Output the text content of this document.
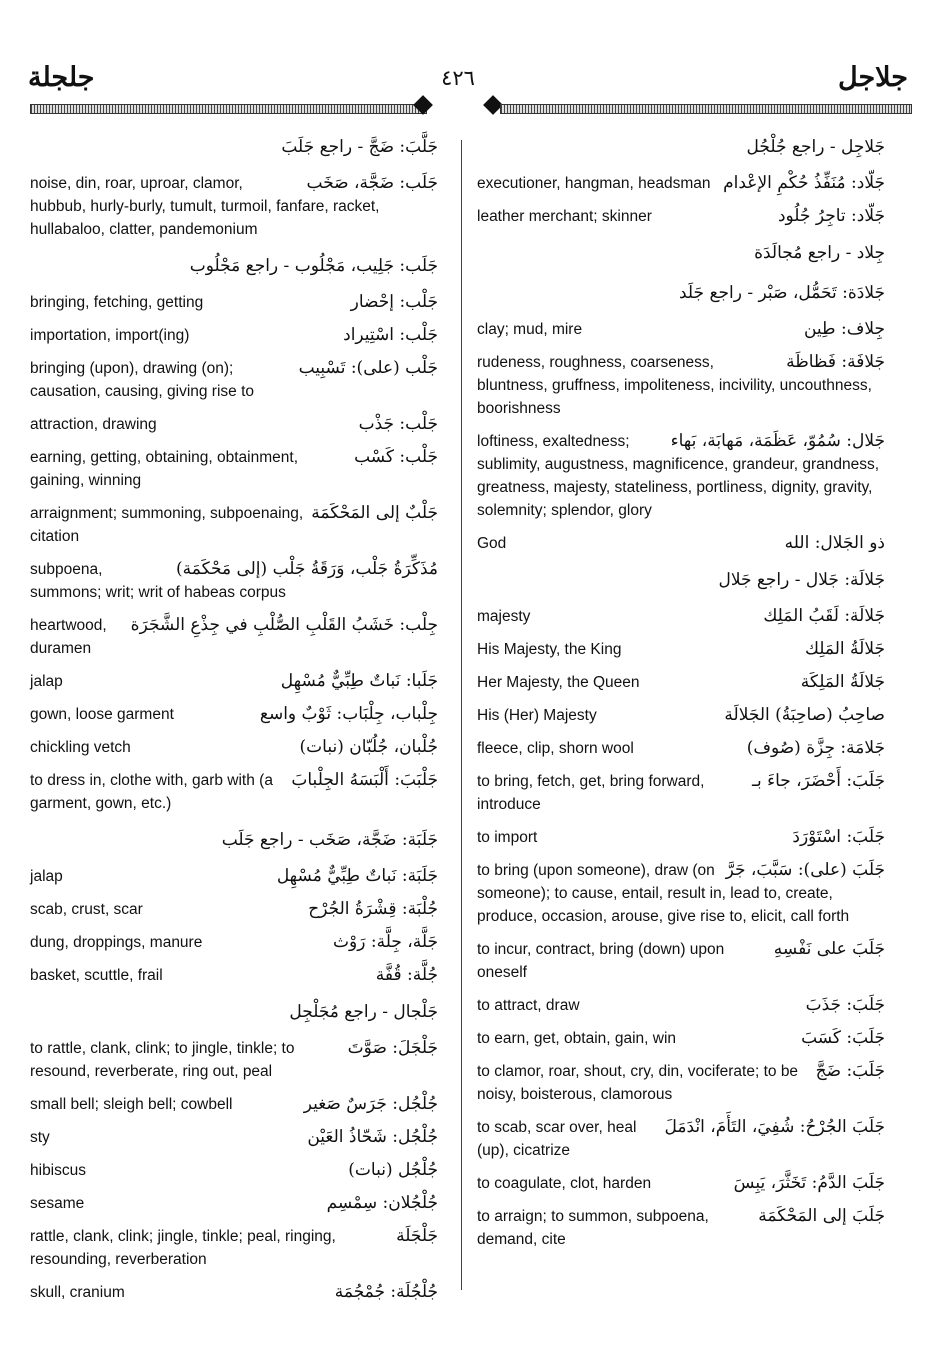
جلجلة	٤٢٦	جلاجل
جَلَّبَ: ضَجَّ - راجع جَلَبَ
جَلَب: ضَجَّة، صَخَب
noise, din, roar, uproar, clamor, hubbub, hurly-burly, tumult, turmoil, fanfare, racket, hullabaloo, clatter, pandemonium
جَلَب: جَلِيب، مَجْلُوب - راجع مَجْلُوب
جَلْب: إحْضار
bringing, fetching, getting
جَلْب: اسْتِيراد
importation, import(ing)
جَلْب (على): تَسْبِيب
bringing (upon), drawing (on); causation, causing, giving rise to
جَلْب: جَذْب
attraction, drawing
جَلْب: كَسْب
earning, getting, obtaining, obtainment, gaining, winning
جَلْبٌ إلى المَحْكَمَة
arraignment; summoning, subpoenaing, citation
مُذَكِّرَةُ جَلْب، وَرَقَةُ جَلْب (إلى مَحْكَمَة)
subpoena, summons; writ; writ of habeas corpus
جِلْب: خَشَبُ القَلْبِ الصُّلْبِ في جِذْعِ الشَّجَرَة
heartwood, duramen
جَلَبا: نَباتٌ طِبِّيٌّ مُسْهِل
jalap
جِلْباب، جِلْبَاب: ثَوْبٌ واسع
gown, loose garment
جُلْبان، جُلُبّان (نبات)
chickling vetch
جَلْبَبَ: أَلْبَسَهُ الجِلْبابَ
to dress in, clothe with, garb with (a garment, gown, etc.)
جَلَبَة: ضَجَّة، صَخَب - راجع جَلَب
جَلَبَة: نَباتٌ طِبِّيٌّ مُسْهِل
jalap
جُلْبَة: قِشْرَةُ الجُرْح
scab, crust, scar
جَلَّة، جِلَّة: رَوْث
dung, droppings, manure
جُلَّة: قُفَّة
basket, scuttle, frail
جَلْجال - راجع مُجَلْجِل
جَلْجَلَ: صَوَّتَ
to rattle, clank, clink; to jingle, tinkle; to resound, reverberate, ring out, peal
جُلْجُل: جَرَسٌ صَغير
small bell; sleigh bell; cowbell
جُلْجُل: شَحّاذُ العَيْن
sty
جُلْجُل (نبات)
hibiscus
جُلْجُلان: سِمْسِم
sesame
جَلْجَلَة
rattle, clank, clink; jingle, tinkle; peal, ringing, resounding, reverberation
جُلْجُلَة: جُمْجُمَة
skull, cranium
جَلاجِل - راجع جُلْجُل
جَلّاد: مُنَفِّذُ حُكْمِ الإعْدام
executioner, hangman, headsman
جَلّاد: تاجِرُ جُلُود
leather merchant; skinner
جِلاد - راجع مُجالَدَة
جَلادَة: تَحَمُّل، صَبْر - راجع جَلَد
جِلاف: طِين
clay; mud, mire
جَلافَة: فَظاظَة
rudeness, roughness, coarseness, bluntness, gruffness, impoliteness, incivility, uncouthness, boorishness
جَلال: سُمُوّ، عَظَمَة، مَهابَة، بَهاء
loftiness, exaltedness; sublimity, augustness, magnificence, grandeur, grandness, greatness, majesty, stateliness, portliness, dignity, gravity, solemnity; splendor, glory
ذو الجَلال: الله
God
جَلالَة: جَلال - راجع جَلال
جَلالَة: لَقَبُ المَلِك
majesty
جَلالَةُ المَلِك
His Majesty, the King
جَلالَةُ المَلِكَة
Her Majesty, the Queen
صاحِبُ (صاحِبَةُ) الجَلالَة
His (Her) Majesty
جَلامَة: جِزَّة (صُوف)
fleece, clip, shorn wool
جَلَبَ: أَحْضَرَ، جاءَ بـ
to bring, fetch, get, bring forward, introduce
جَلَبَ: اسْتَوْرَدَ
to import
جَلَبَ (على): سَبَّبَ، جَرَّ
to bring (upon someone), draw (on someone); to cause, entail, result in, lead to, create, produce, occasion, arouse, give rise to, elicit, call forth
جَلَبَ على نَفْسِهِ
to incur, contract, bring (down) upon oneself
جَلَبَ: جَذَبَ
to attract, draw
جَلَبَ: كَسَبَ
to earn, get, obtain, gain, win
جَلَبَ: ضَجَّ
to clamor, roar, shout, cry, din, vociferate; to be noisy, boisterous, clamorous
جَلَبَ الجُرْحُ: شُفِيَ، التَأَمَ، انْدَمَلَ
to scab, scar over, heal (up), cicatrize
جَلَبَ الدَّمُ: تَخَثَّرَ، يَبِسَ
to coagulate, clot, harden
جَلَبَ إلى المَحْكَمَة
to arraign; to summon, subpoena, demand, cite
